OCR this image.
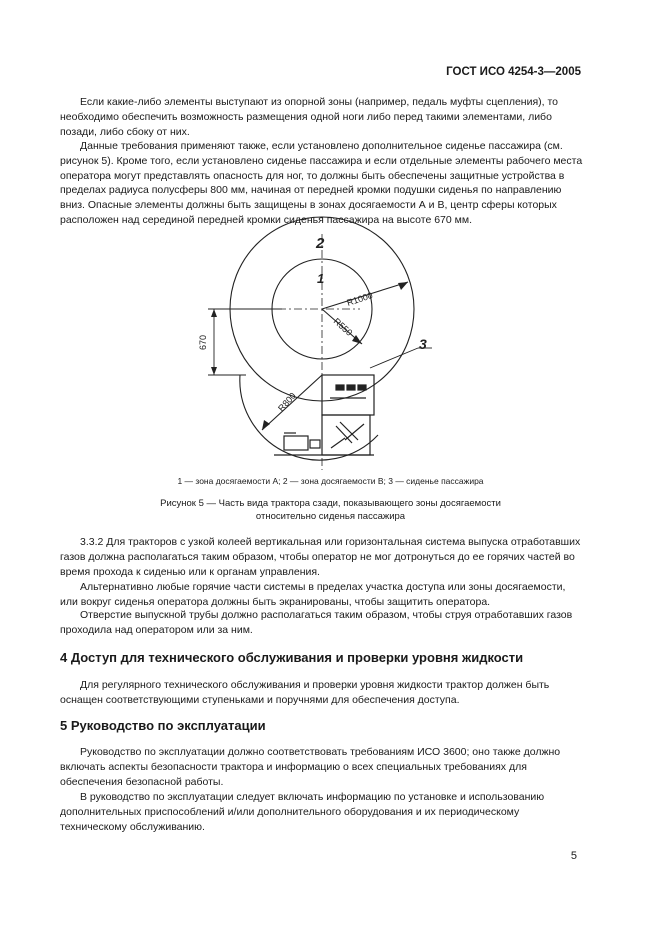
ГОСТ ИСО 4254-3—2005

Если какие-либо элементы выступают из опорной зоны (например, педаль муфты сцепления), то необходимо обеспечить возможность размещения одной ноги либо перед такими элементами, либо позади, либо сбоку от них.

Данные требования применяют также, если установлено дополнительное сиденье пассажира (см. рисунок 5). Кроме того, если установлено сиденье пассажира и если отдельные элементы рабочего места оператора могут представлять опасность для ног, то должны быть обеспечены защитные устройства в пределах радиуса полусферы 800 мм, начиная от передней кромки подушки сиденья по направлению вниз. Опасные элементы должны быть защищены в зонах досягаемости А и В, центр сферы которых расположен над серединой передней кромки сиденья пассажира на высоте 670 мм.

2
1
3
R1000
R550
R800
670

1 — зона досягаемости А; 2 — зона досягаемости В; 3 — сиденье пассажира

Рисунок 5 — Часть вида трактора сзади, показывающего зоны досягаемости

относительно сиденья пассажира

3.3.2 Для тракторов с узкой колеей вертикальная или горизонтальная система выпуска отработавших газов должна располагаться таким образом, чтобы оператор не мог дотронуться до ее горячих частей во время прохода к сиденью или к органам управления.

Альтернативно любые горячие части системы в пределах участка доступа или зоны досягаемости, или вокруг сиденья оператора должны быть экранированы, чтобы защитить оператора.

Отверстие выпускной трубы должно располагаться таким образом, чтобы струя отработавших газов проходила над оператором или за ним.

4 Доступ для технического обслуживания и проверки уровня жидкости

Для регулярного технического обслуживания и проверки уровня жидкости трактор должен быть оснащен соответствующими ступеньками и поручнями для обеспечения доступа.

5 Руководство по эксплуатации

Руководство по эксплуатации должно соответствовать требованиям ИСО 3600; оно также должно включать аспекты безопасности трактора и информацию о всех специальных требованиях для обеспечения безопасной работы.

В руководство по эксплуатации следует включать информацию по установке и использованию дополнительных приспособлений и/или дополнительного оборудования и их периодическому техническому обслуживанию.

5
